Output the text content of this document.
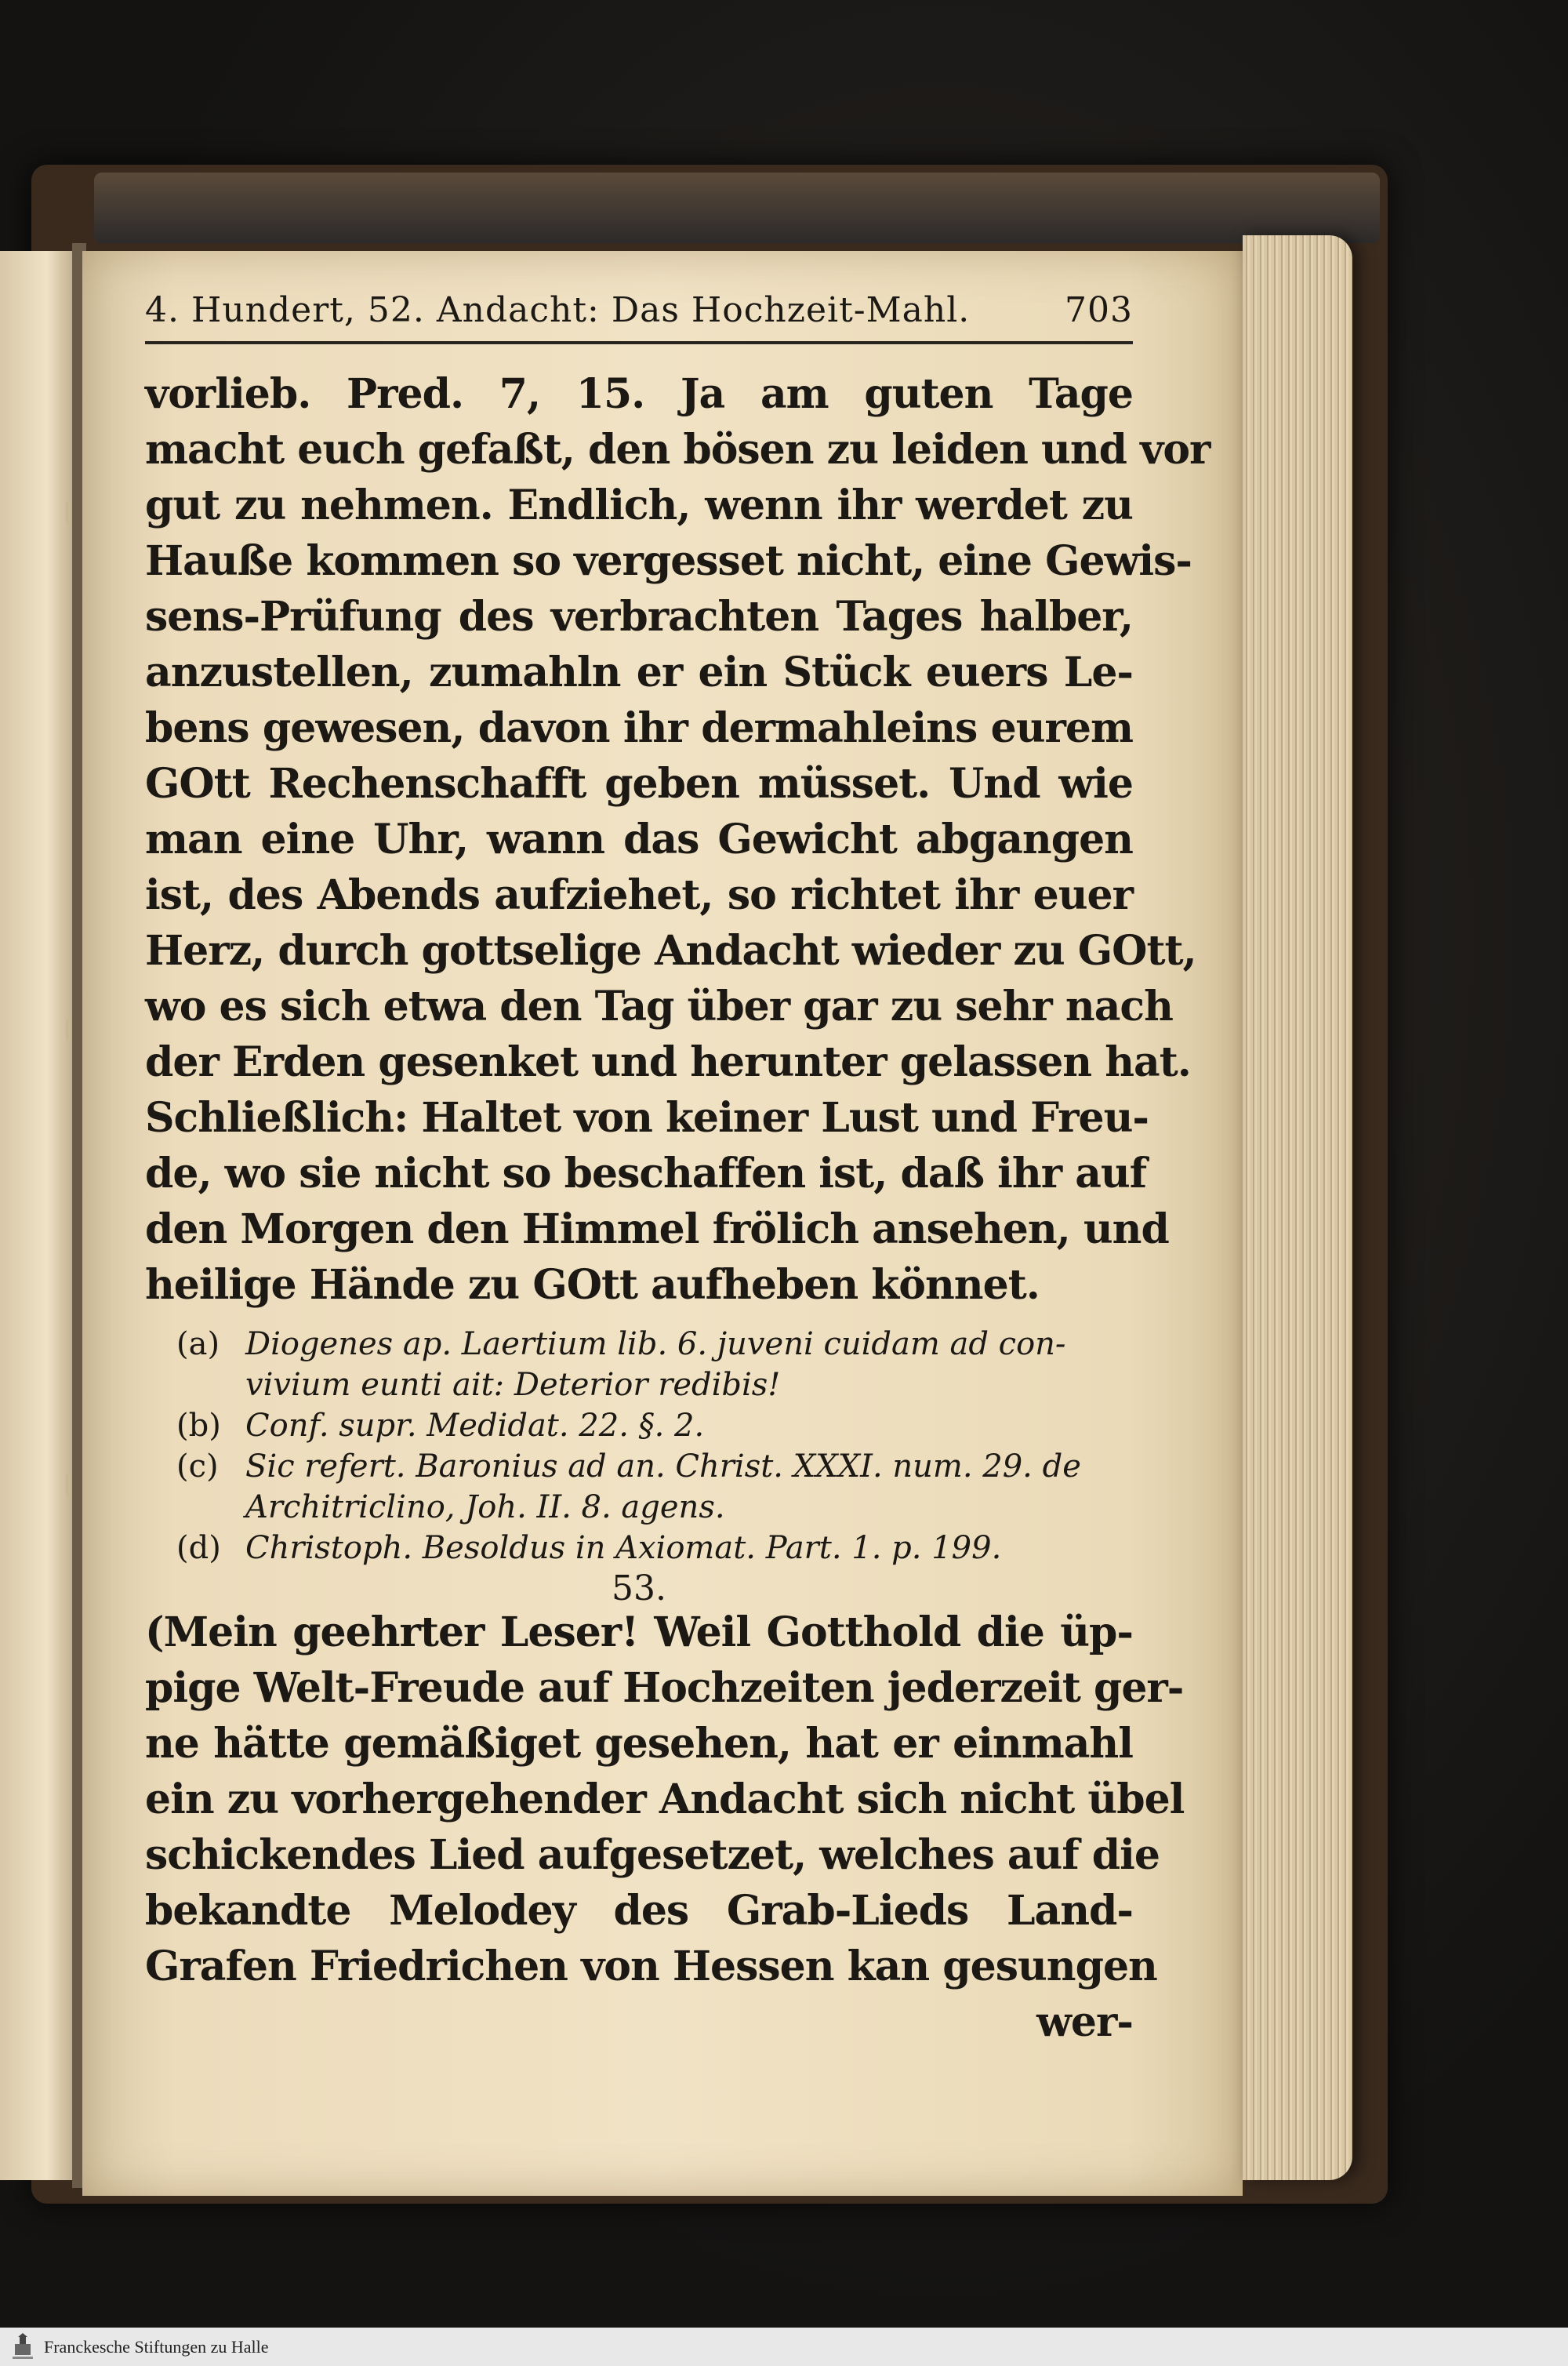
4. Hundert, 52. Andacht: Das Hochzeit-Mahl.	703
vorlieb. Pred. 7, 15. Ja am guten Tage
macht euch gefaßt, den bösen zu leiden und vor
gut zu nehmen. Endlich, wenn ihr werdet zu
Hauße kommen so vergesset nicht, eine Gewis-
sens-Prüfung des verbrachten Tages halber,
anzustellen, zumahln er ein Stück euers Le-
bens gewesen, davon ihr dermahleins eurem
GOtt Rechenschafft geben müsset. Und wie
man eine Uhr, wann das Gewicht abgangen
ist, des Abends aufziehet, so richtet ihr euer
Herz, durch gottselige Andacht wieder zu GOtt,
wo es sich etwa den Tag über gar zu sehr nach
der Erden gesenket und herunter gelassen hat.
Schließlich: Haltet von keiner Lust und Freu-
de, wo sie nicht so beschaffen ist, daß ihr auf
den Morgen den Himmel frölich ansehen, und
heilige Hände zu GOtt aufheben könnet.
(a) Diogenes ap. Laertium lib. 6. juveni cuidam ad con-
vivium eunti ait: Deterior redibis!
(b) Conf. supr. Medidat. 22. §. 2.
(c) Sic refert. Baronius ad an. Christ. XXXI. num. 29. de
Architriclino, Joh. II. 8. agens.
(d) Christoph. Besoldus in Axiomat. Part. 1. p. 199.
53.
(Mein geehrter Leser! Weil Gotthold die üp-
pige Welt-Freude auf Hochzeiten jederzeit ger-
ne hätte gemäßiget gesehen, hat er einmahl
ein zu vorhergehender Andacht sich nicht übel
schickendes Lied aufgesetzet, welches auf die
bekandte Melodey des Grab-Lieds Land-
Grafen Friedrichen von Hessen kan gesungen
wer-
Franckesche Stiftungen zu Halle
